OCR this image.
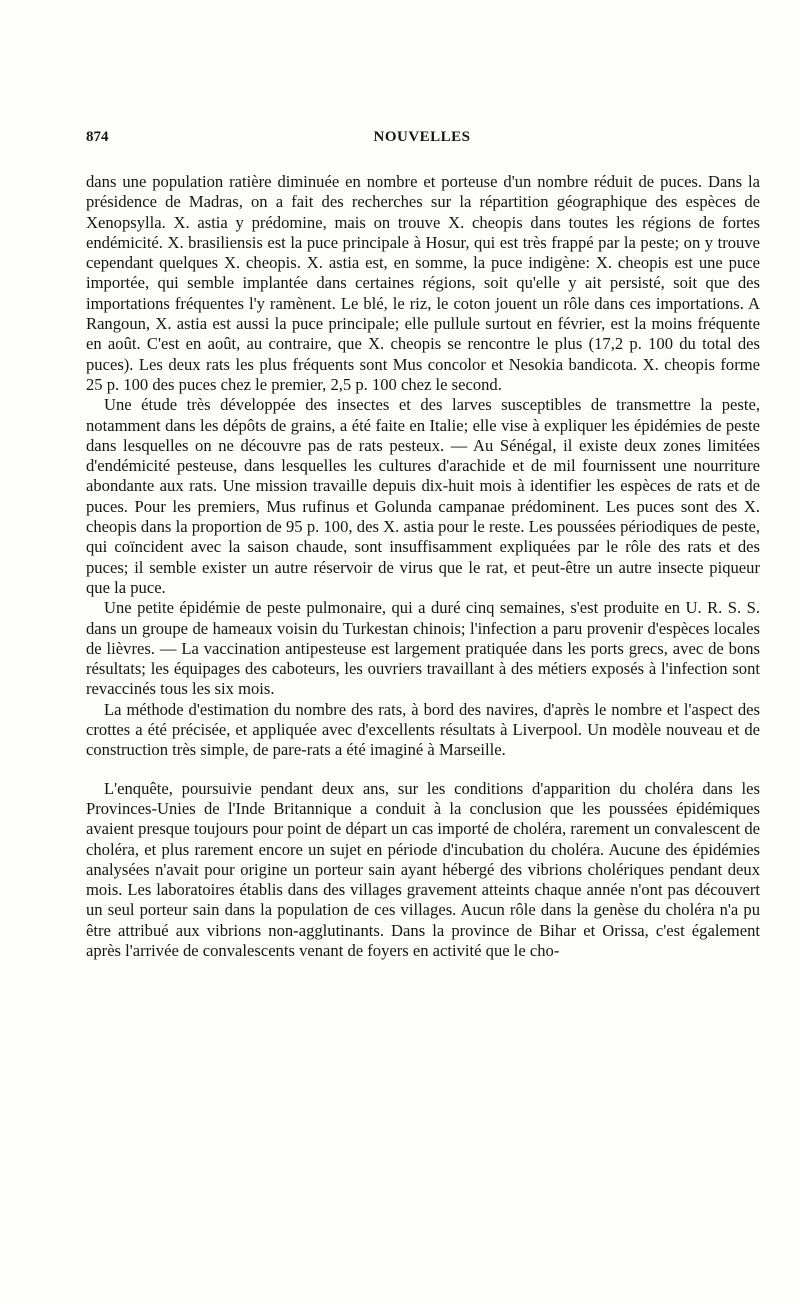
874	NOUVELLES

dans une population ratière diminuée en nombre et porteuse d'un nombre réduit de puces. Dans la présidence de Madras, on a fait des recherches sur la répartition géographique des espèces de Xenopsylla. X. astia y prédomine, mais on trouve X. cheopis dans toutes les régions de fortes endémicité. X. brasiliensis est la puce principale à Hosur, qui est très frappé par la peste; on y trouve cependant quelques X. cheopis. X. astia est, en somme, la puce indigène: X. cheopis est une puce importée, qui semble implantée dans certaines régions, soit qu'elle y ait persisté, soit que des importations fréquentes l'y ramènent. Le blé, le riz, le coton jouent un rôle dans ces importations. A Rangoun, X. astia est aussi la puce principale; elle pullule surtout en février, est la moins fréquente en août. C'est en août, au contraire, que X. cheopis se rencontre le plus (17,2 p. 100 du total des puces). Les deux rats les plus fréquents sont Mus concolor et Nesokia bandicota. X. cheopis forme 25 p. 100 des puces chez le premier, 2,5 p. 100 chez le second.

Une étude très développée des insectes et des larves susceptibles de transmettre la peste, notamment dans les dépôts de grains, a été faite en Italie; elle vise à expliquer les épidémies de peste dans lesquelles on ne découvre pas de rats pesteux. — Au Sénégal, il existe deux zones limitées d'endémicité pesteuse, dans lesquelles les cultures d'arachide et de mil fournissent une nourriture abondante aux rats. Une mission travaille depuis dix-huit mois à identifier les espèces de rats et de puces. Pour les premiers, Mus rufinus et Golunda campanae prédominent. Les puces sont des X. cheopis dans la proportion de 95 p. 100, des X. astia pour le reste. Les poussées périodiques de peste, qui coïncident avec la saison chaude, sont insuffisamment expliquées par le rôle des rats et des puces; il semble exister un autre réservoir de virus que le rat, et peut-être un autre insecte piqueur que la puce.

Une petite épidémie de peste pulmonaire, qui a duré cinq semaines, s'est produite en U. R. S. S. dans un groupe de hameaux voisin du Turkestan chinois; l'infection a paru provenir d'espèces locales de lièvres. — La vaccination antipesteuse est largement pratiquée dans les ports grecs, avec de bons résultats; les équipages des caboteurs, les ouvriers travaillant à des métiers exposés à l'infection sont revaccinés tous les six mois.

La méthode d'estimation du nombre des rats, à bord des navires, d'après le nombre et l'aspect des crottes a été précisée, et appliquée avec d'excellents résultats à Liverpool. Un modèle nouveau et de construction très simple, de pare-rats a été imaginé à Marseille.

L'enquête, poursuivie pendant deux ans, sur les conditions d'apparition du choléra dans les Provinces-Unies de l'Inde Britannique a conduit à la conclusion que les poussées épidémiques avaient presque toujours pour point de départ un cas importé de choléra, rarement un convalescent de choléra, et plus rarement encore un sujet en période d'incubation du choléra. Aucune des épidémies analysées n'avait pour origine un porteur sain ayant hébergé des vibrions cholériques pendant deux mois. Les laboratoires établis dans des villages gravement atteints chaque année n'ont pas découvert un seul porteur sain dans la population de ces villages. Aucun rôle dans la genèse du choléra n'a pu être attribué aux vibrions non-agglutinants. Dans la province de Bihar et Orissa, c'est également après l'arrivée de convalescents venant de foyers en activité que le cho-
